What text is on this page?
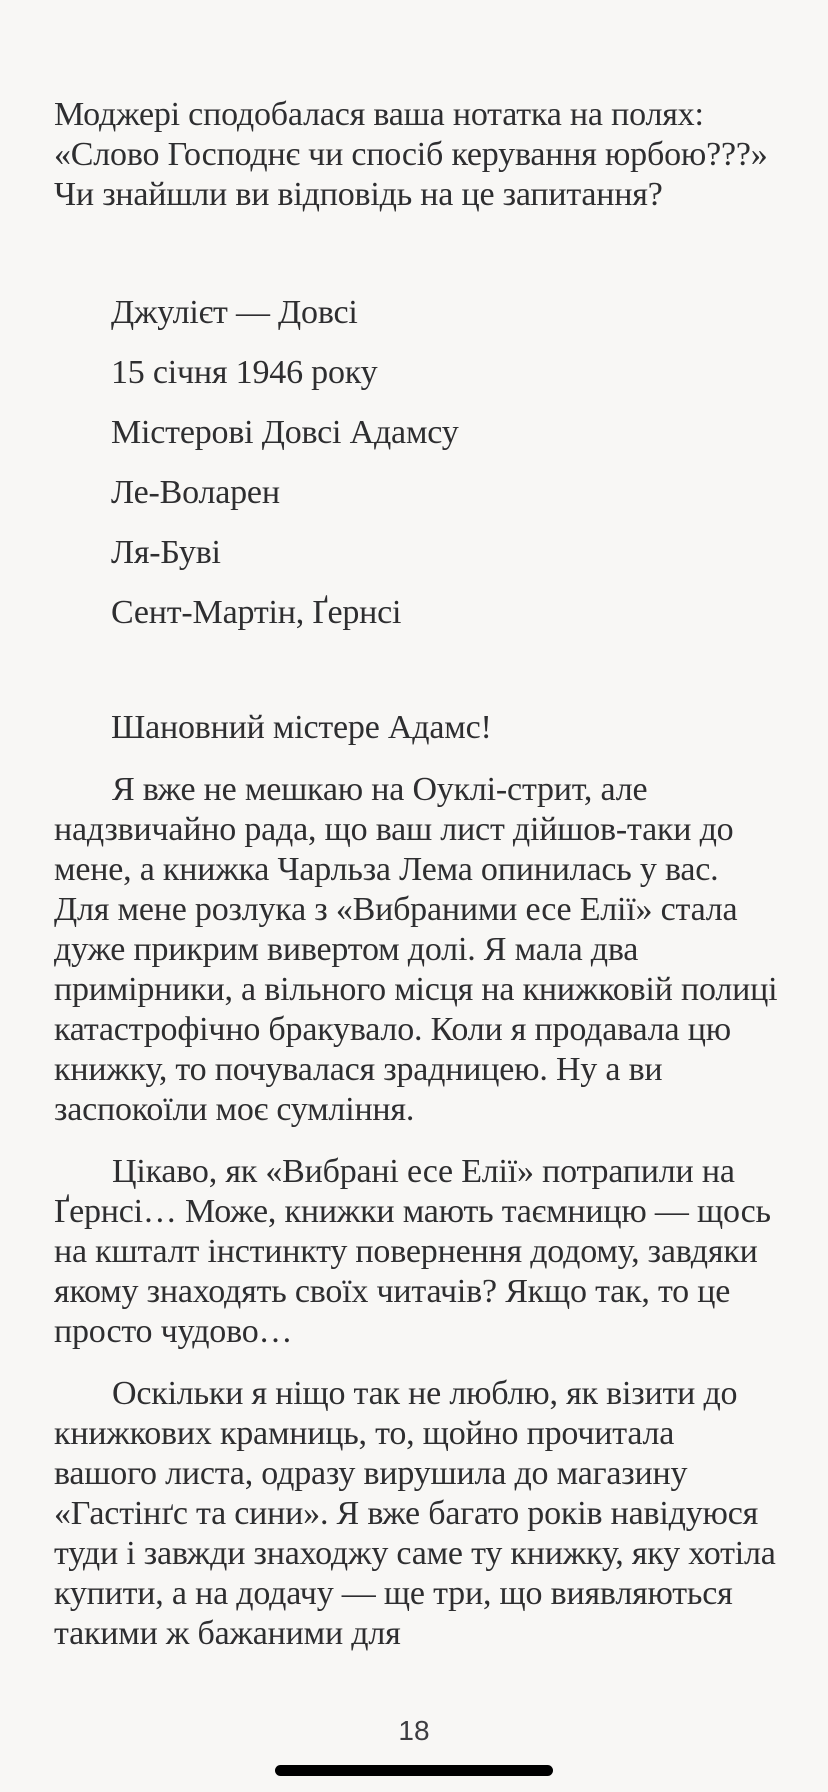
Моджері сподобалася ваша нотатка на полях: «Слово Господнє чи спосіб керування юрбою???» Чи знайшли ви відповідь на це запитання?

Джулієт — Довсі
15 січня 1946 року
Містерові Довсі Адамсу
Ле-Воларен
Ля-Буві
Сент-Мартін, Ґернсі
Шановний містере Адамс!

Я вже не мешкаю на Оуклі-стрит, але надзвичайно рада, що ваш лист дійшов-таки до мене, а книжка Чарльза Лема опинилась у вас. Для мене розлука з «Вибраними есе Елії» стала дуже прикрим вивертом долі. Я мала два примірники, а вільного місця на книжковій полиці катастрофічно бракувало. Коли я продавала цю книжку, то почувалася зрадницею. Ну а ви заспокоїли моє сумління.

Цікаво, як «Вибрані есе Елії» потрапили на Ґернсі… Може, книжки мають таємницю — щось на кшталт інстинкту повернення додому, завдяки якому знаходять своїх читачів? Якщо так, то це просто чудово…

Оскільки я ніщо так не люблю, як візити до книжкових крамниць, то, щойно прочитала вашого листа, одразу вирушила до магазину «Гастінґс та сини». Я вже багато років навідуюся туди і завжди знаходжу саме ту книжку, яку хотіла купити, а на додачу — ще три, що виявляються такими ж бажаними для

18
